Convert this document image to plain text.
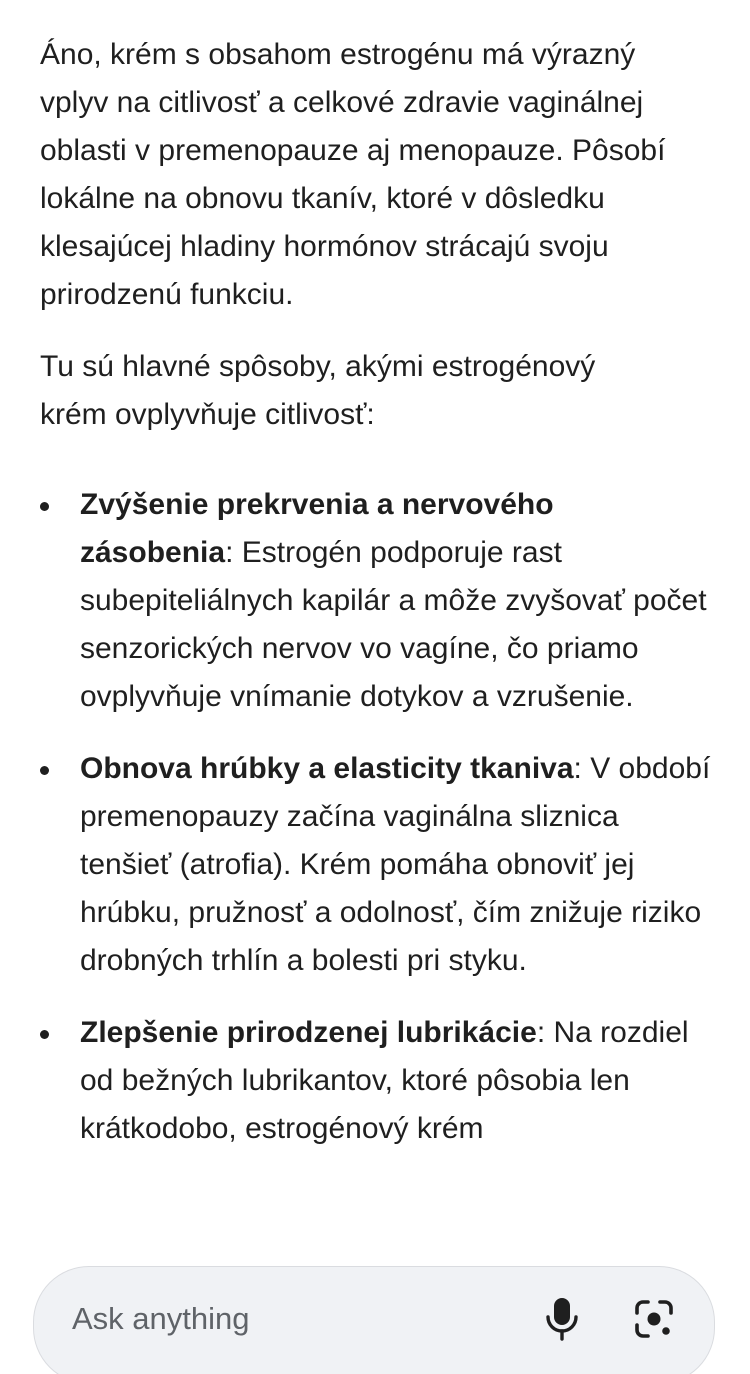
Áno, krém s obsahom estrogénu má výrazný vplyv na citlivosť a celkové zdravie vaginálnej oblasti v premenopauze aj menopauze. Pôsobí lokálne na obnovu tkanív, ktoré v dôsledku klesajúcej hladiny hormónov strácajú svoju prirodzenú funkciu.

Tu sú hlavné spôsoby, akými estrogénový krém ovplyvňuje citlivosť:

Zvýšenie prekrvenia a nervového zásobenia: Estrogén podporuje rast subepiteliálnych kapilár a môže zvyšovať počet senzorických nervov vo vagíne, čo priamo ovplyvňuje vnímanie dotykov a vzrušenie.
Obnova hrúbky a elasticity tkaniva: V období premenopauzy začína vaginálna sliznica tenšieť (atrofia). Krém pomáha obnoviť jej hrúbku, pružnosť a odolnosť, čím znižuje riziko drobných trhlín a bolesti pri styku.
Zlepšenie prirodzenej lubrikácie: Na rozdiel od bežných lubrikantov, ktoré pôsobia len krátkodobo, estrogénový krém
Ask anything
